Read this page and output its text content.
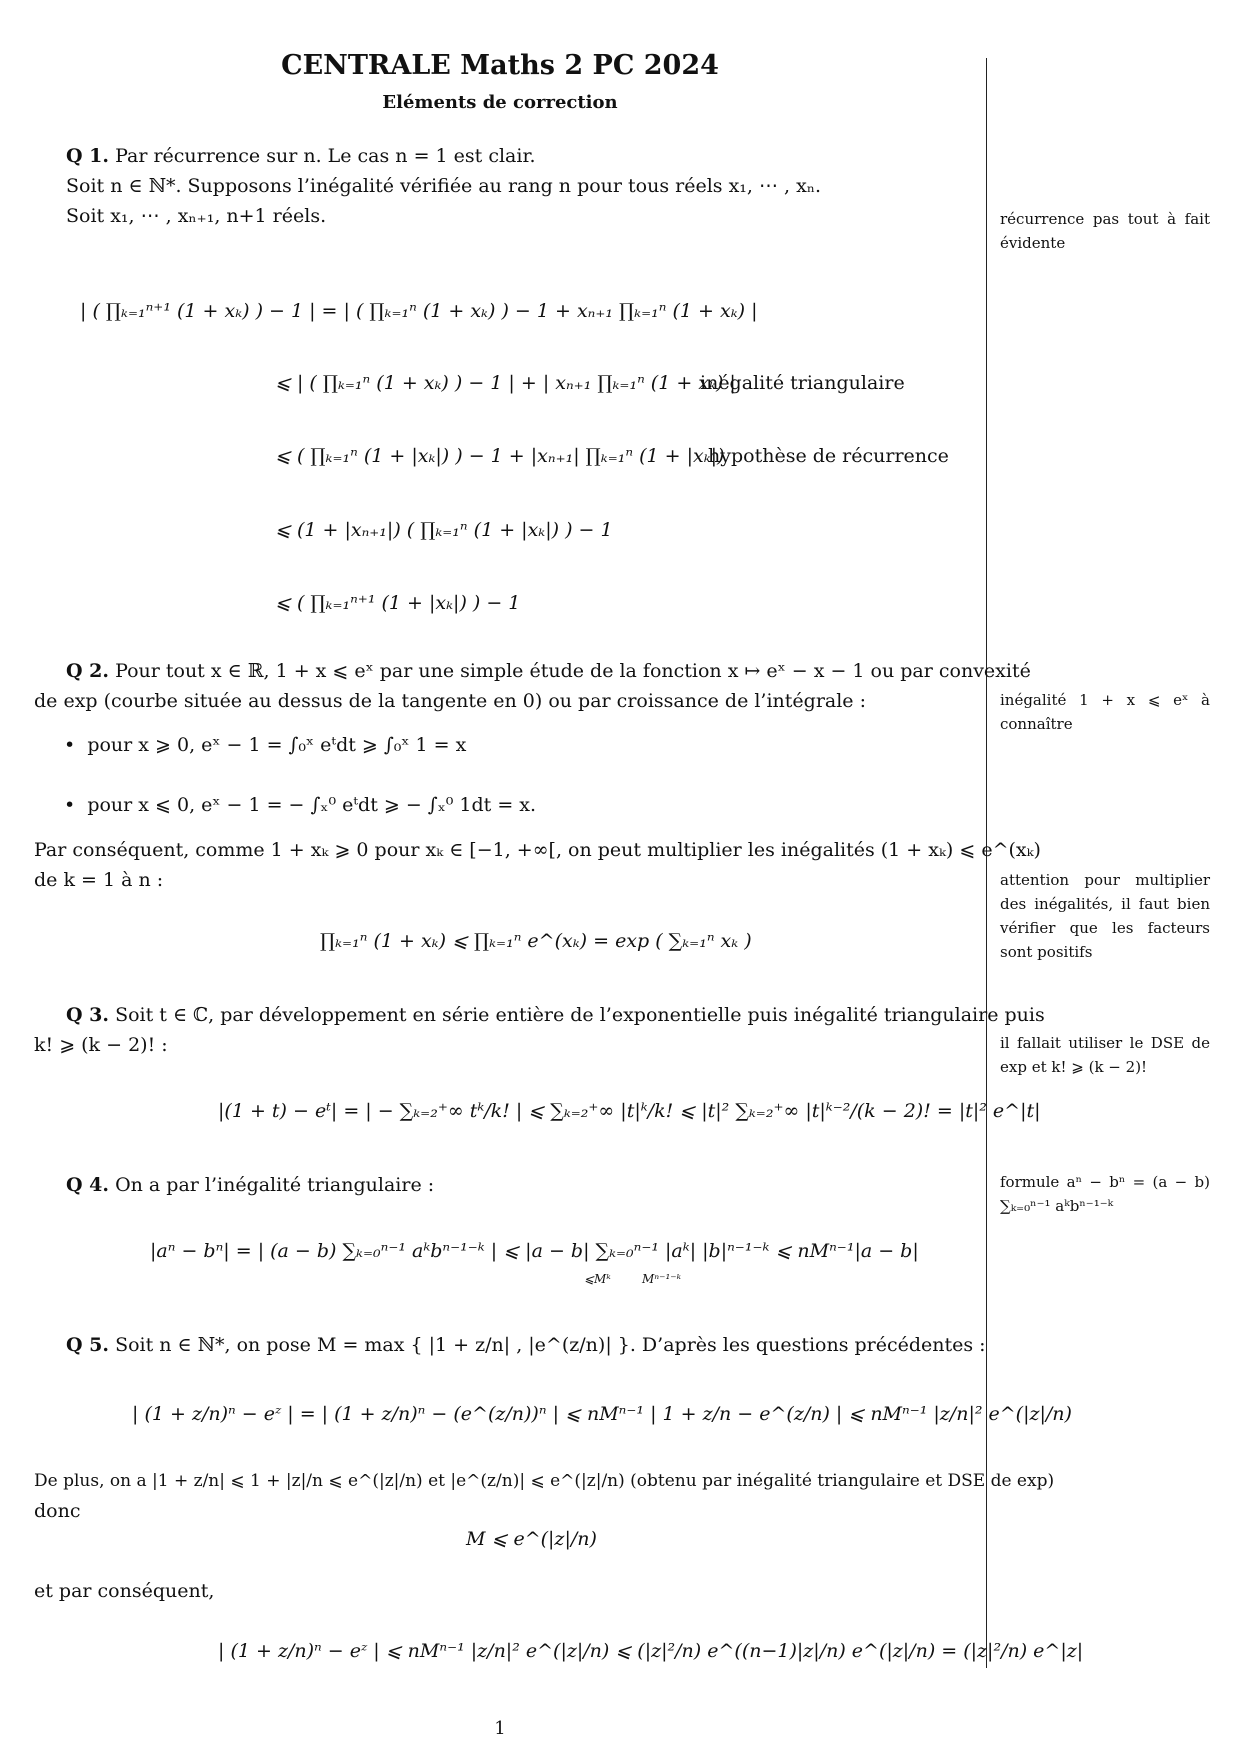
CENTRALE Maths 2 PC 2024
Eléments de correction
Q 1. Par récurrence sur n. Le cas n = 1 est clair.
Soit n ∈ ℕ*. Supposons l’inégalité vérifiée au rang n pour tous réels x₁, ⋯ , xₙ.
Soit x₁, ⋯ , xₙ₊₁, n+1 réels.
| ( ∏ₖ₌₁ⁿ⁺¹ (1 + xₖ) ) − 1 | = | ( ∏ₖ₌₁ⁿ (1 + xₖ) ) − 1 + xₙ₊₁ ∏ₖ₌₁ⁿ (1 + xₖ) |
⩽ | ( ∏ₖ₌₁ⁿ (1 + xₖ) ) − 1 | + | xₙ₊₁ ∏ₖ₌₁ⁿ (1 + xₖ) |
inégalité triangulaire
⩽ ( ∏ₖ₌₁ⁿ (1 + |xₖ|) ) − 1 + |xₙ₊₁| ∏ₖ₌₁ⁿ (1 + |xₖ|)
hypothèse de récurrence
⩽ (1 + |xₙ₊₁|) ( ∏ₖ₌₁ⁿ (1 + |xₖ|) ) − 1
⩽ ( ∏ₖ₌₁ⁿ⁺¹ (1 + |xₖ|) ) − 1
récurrence pas tout à fait évidente
Q 2. Pour tout x ∈ ℝ, 1 + x ⩽ eˣ par une simple étude de la fonction x ↦ eˣ − x − 1 ou par convexité
de exp (courbe située au dessus de la tangente en 0) ou par croissance de l’intégrale :
• pour x ⩾ 0, eˣ − 1 = ∫₀ˣ eᵗdt ⩾ ∫₀ˣ 1 = x
• pour x ⩽ 0, eˣ − 1 = − ∫ₓ⁰ eᵗdt ⩾ − ∫ₓ⁰ 1dt = x.
Par conséquent, comme 1 + xₖ ⩾ 0 pour xₖ ∈ [−1, +∞[, on peut multiplier les inégalités (1 + xₖ) ⩽ e^(xₖ)
de k = 1 à n :
∏ₖ₌₁ⁿ (1 + xₖ) ⩽ ∏ₖ₌₁ⁿ e^(xₖ) = exp ( ∑ₖ₌₁ⁿ xₖ )
inégalité 1 + x ⩽ eˣ à connaître
attention pour multiplier des inégalités, il faut bien vérifier que les facteurs sont positifs
Q 3. Soit t ∈ ℂ, par développement en série entière de l’exponentielle puis inégalité triangulaire puis
k! ⩾ (k − 2)! :
|(1 + t) − eᵗ| = | − ∑ₖ₌₂⁺∞ tᵏ/k! | ⩽ ∑ₖ₌₂⁺∞ |t|ᵏ/k! ⩽ |t|² ∑ₖ₌₂⁺∞ |t|ᵏ⁻²/(k − 2)! = |t|² e^|t|
il fallait utiliser le DSE de exp et k! ⩾ (k − 2)!
Q 4. On a par l’inégalité triangulaire :
|aⁿ − bⁿ| = | (a − b) ∑ₖ₌₀ⁿ⁻¹ aᵏbⁿ⁻¹⁻ᵏ | ⩽ |a − b| ∑ₖ₌₀ⁿ⁻¹ |aᵏ| |b|ⁿ⁻¹⁻ᵏ ⩽ nMⁿ⁻¹|a − b|
⩽Mᵏ	Mⁿ⁻¹⁻ᵏ
formule aⁿ − bⁿ = (a − b) ∑ₖ₌₀ⁿ⁻¹ aᵏbⁿ⁻¹⁻ᵏ
Q 5. Soit n ∈ ℕ*, on pose M = max { |1 + z/n| , |e^(z/n)| }. D’après les questions précédentes :
| (1 + z/n)ⁿ − eᶻ | = | (1 + z/n)ⁿ − (e^(z/n))ⁿ | ⩽ nMⁿ⁻¹ | 1 + z/n − e^(z/n) | ⩽ nMⁿ⁻¹ |z/n|² e^(|z|/n)
De plus, on a |1 + z/n| ⩽ 1 + |z|/n ⩽ e^(|z|/n) et |e^(z/n)| ⩽ e^(|z|/n) (obtenu par inégalité triangulaire et DSE de exp)
donc
M ⩽ e^(|z|/n)
et par conséquent,
| (1 + z/n)ⁿ − eᶻ | ⩽ nMⁿ⁻¹ |z/n|² e^(|z|/n) ⩽ (|z|²/n) e^((n−1)|z|/n) e^(|z|/n) = (|z|²/n) e^|z|
1
